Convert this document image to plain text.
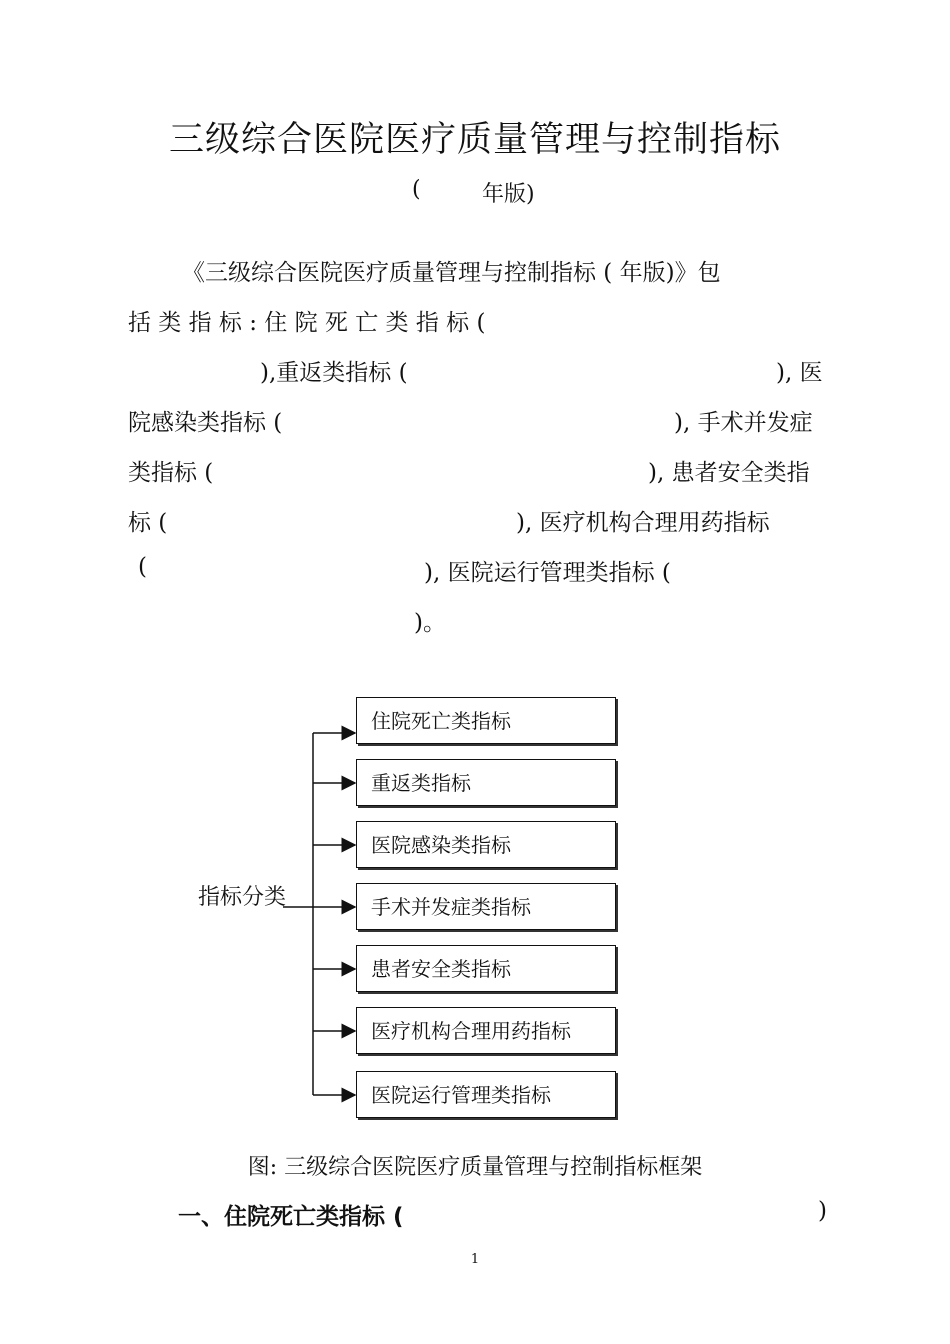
三级综合医院医疗质量管理与控制指标
(	年版)
《三级综合医院医疗质量管理与控制指标 ( 年版)》包
括 类 指 标 : 住 院 死 亡 类 指 标 (
),重返类指标 (	), 医
院感染类指标 (	), 手术并发症
类指标 (	), 患者安全类指
标 (	), 医疗机构合理用药指标
(	), 医院运行管理类指标 (
)。
指标分类
住院死亡类指标
重返类指标
医院感染类指标
手术并发症类指标
患者安全类指标
医疗机构合理用药指标
医院运行管理类指标
图: 三级综合医院医疗质量管理与控制指标框架
一、住院死亡类指标 (	)
1
